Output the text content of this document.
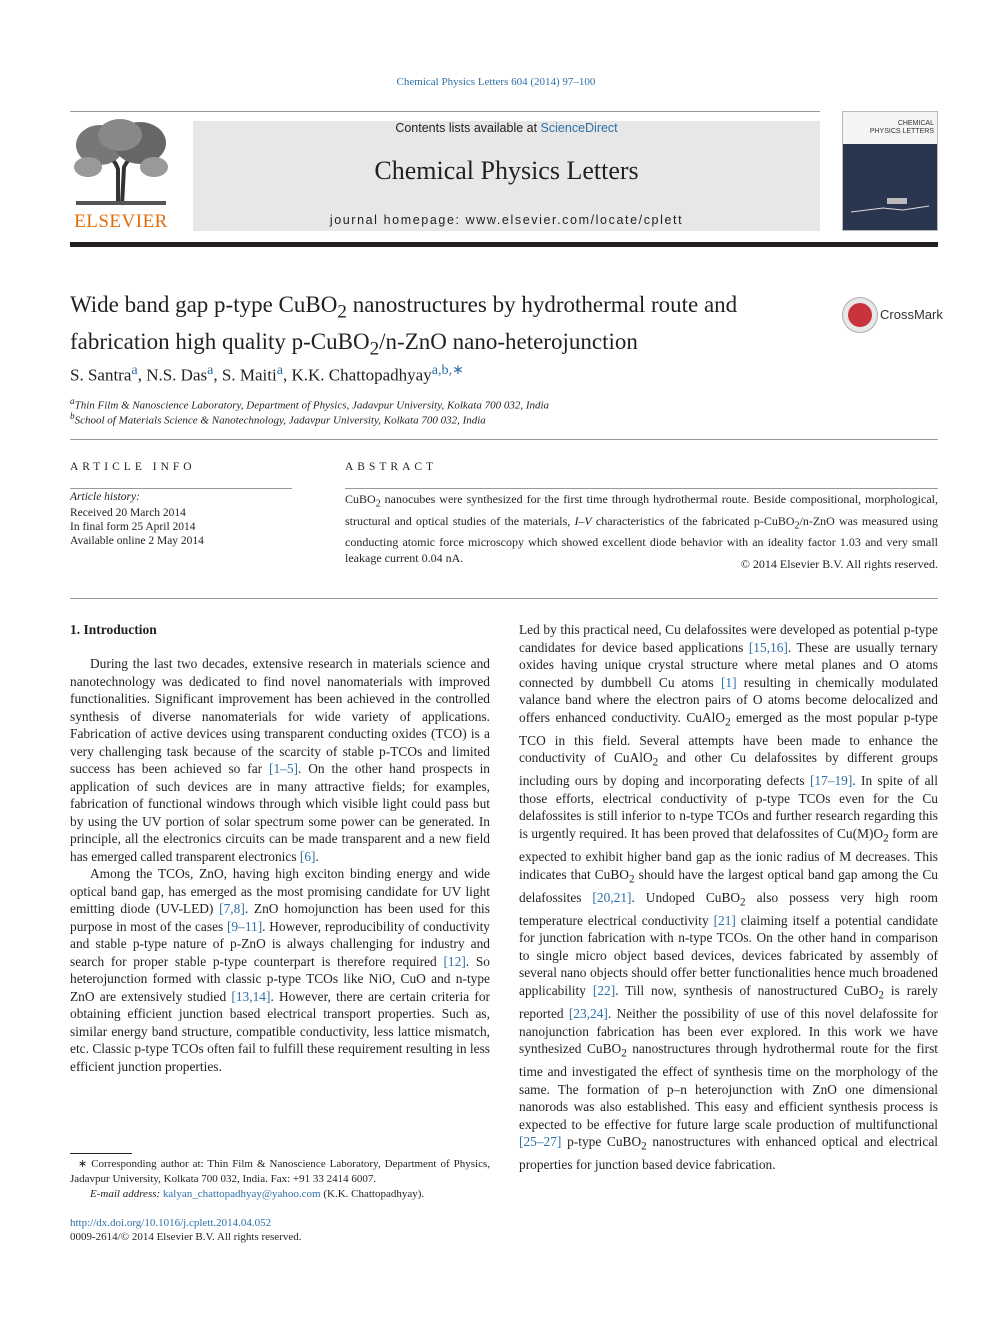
Chemical Physics Letters 604 (2014) 97–100
ELSEVIER
Contents lists available at ScienceDirect
Chemical Physics Letters
journal homepage: www.elsevier.com/locate/cplett
CHEMICAL PHYSICS LETTERS
Wide band gap p-type CuBO$_2$ nanostructures by hydrothermal route and fabrication high quality p-CuBO$_2$/n-ZnO nano-heterojunction
CrossMark
S. Santra$^a$, N.S. Das$^a$, S. Maiti$^a$, K.K. Chattopadhyay$^{a,b,∗}$
$^a$Thin Film & Nanoscience Laboratory, Department of Physics, Jadavpur University, Kolkata 700 032, India
$^b$School of Materials Science & Nanotechnology, Jadavpur University, Kolkata 700 032, India
ARTICLE INFO
Article history:
Received 20 March 2014
In final form 25 April 2014
Available online 2 May 2014
ABSTRACT
CuBO$_2$ nanocubes were synthesized for the first time through hydrothermal route. Beside compositional, morphological, structural and optical studies of the materials, I–V characteristics of the fabricated p-CuBO$_2$/n-ZnO was measured using conducting atomic force microscopy which showed excellent diode behavior with an ideality factor 1.03 and very small leakage current 0.04 nA.	© 2014 Elsevier B.V. All rights reserved.
1. Introduction

During the last two decades, extensive research in materials science and nanotechnology was dedicated to find novel nanomaterials with improved functionalities. Significant improvement has been achieved in the controlled synthesis of diverse nanomaterials for wide variety of applications. Fabrication of active devices using transparent conducting oxides (TCO) is a very challenging task because of the scarcity of stable p-TCOs and limited success has been achieved so far [1–5]. On the other hand prospects in application of such devices are in many attractive fields; for examples, fabrication of functional windows through which visible light could pass but by using the UV portion of solar spectrum some power can be generated. In principle, all the electronics circuits can be made transparent and a new field has emerged called transparent electronics [6].

Among the TCOs, ZnO, having high exciton binding energy and wide optical band gap, has emerged as the most promising candidate for UV light emitting diode (UV-LED) [7,8]. ZnO homojunction has been used for this purpose in most of the cases [9–11]. However, reproducibility of conductivity and stable p-type nature of p-ZnO is always challenging for industry and search for proper stable p-type counterpart is therefore required [12]. So heterojunction formed with classic p-type TCOs like NiO, CuO and n-type ZnO are extensively studied [13,14]. However, there are certain criteria for obtaining efficient junction based electrical transport properties. Such as, similar energy band structure, compatible conductivity, less lattice mismatch, etc. Classic p-type TCOs often fail to fulfill these requirement resulting in less efficient junction properties.

Led by this practical need, Cu delafossites were developed as potential p-type candidates for device based applications [15,16]. These are usually ternary oxides having unique crystal structure where metal planes and O atoms connected by dumbbell Cu atoms [1] resulting in chemically modulated valance band where the electron pairs of O atoms become delocalized and offers enhanced conductivity. CuAlO$_2$ emerged as the most popular p-type TCO in this field. Several attempts have been made to enhance the conductivity of CuAlO$_2$ and other Cu delafossites by different groups including ours by doping and incorporating defects [17–19]. In spite of all those efforts, electrical conductivity of p-type TCOs even for the Cu delafossites is still inferior to n-type TCOs and further research regarding this is urgently required. It has been proved that delafossites of $Cu(M)O_2$ form are expected to exhibit higher band gap as the ionic radius of M decreases. This indicates that CuBO$_2$ should have the largest optical band gap among the Cu delafossites [20,21]. Undoped CuBO$_2$ also possess very high room temperature electrical conductivity [21] claiming itself a potential candidate for junction fabrication with n-type TCOs. On the other hand in comparison to single micro object based devices, devices fabricated by assembly of several nano objects should offer better functionalities hence much broadened applicability [22]. Till now, synthesis of nanostructured CuBO$_2$ is rarely reported [23,24]. Neither the possibility of use of this novel delafossite for nanojunction fabrication has been ever explored. In this work we have synthesized CuBO$_2$ nanostructures through hydrothermal route for the first time and investigated the effect of synthesis time on the morphology of the same. The formation of p–n heterojunction with ZnO one dimensional nanorods was also established. This easy and efficient synthesis process is expected to be effective for future large scale production of multifunctional [25–27] p-type CuBO$_2$ nanostructures with enhanced optical and electrical properties for junction based device fabrication.

∗ Corresponding author at: Thin Film & Nanoscience Laboratory, Department of Physics, Jadavpur University, Kolkata 700 032, India. Fax: +91 33 2414 6007.
E-mail address: kalyan_chattopadhyay@yahoo.com (K.K. Chattopadhyay).
http://dx.doi.org/10.1016/j.cplett.2014.04.052
0009-2614/© 2014 Elsevier B.V. All rights reserved.
